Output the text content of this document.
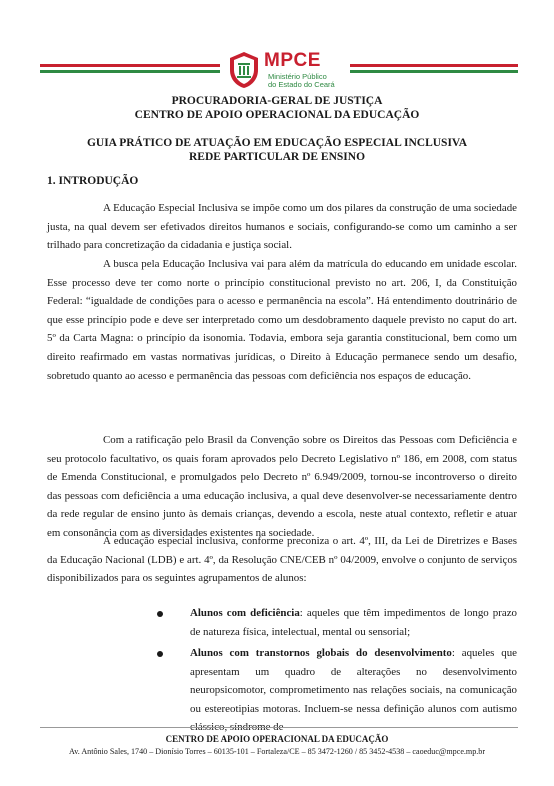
MPCE
Ministério Público
do Estado do Ceará
PROCURADORIA-GERAL DE JUSTIÇA
CENTRO DE APOIO OPERACIONAL DA EDUCAÇÃO
GUIA PRÁTICO DE ATUAÇÃO EM EDUCAÇÃO ESPECIAL INCLUSIVA
REDE PARTICULAR DE ENSINO
1. INTRODUÇÃO

A Educação Especial Inclusiva se impõe como um dos pilares da construção de uma sociedade justa, na qual devem ser efetivados direitos humanos e sociais, configurando-se como um caminho a ser trilhado para concretização da cidadania e justiça social.

A busca pela Educação Inclusiva vai para além da matrícula do educando em unidade escolar. Esse processo deve ter como norte o princípio constitucional previsto no art. 206, I, da Constituição Federal: “igualdade de condições para o acesso e permanência na escola”. Há entendimento doutrinário de que esse princípio pode e deve ser interpretado como um desdobramento daquele previsto no caput do art. 5º da Carta Magna: o princípio da isonomia. Todavia, embora seja garantia constitucional, bem como um direito reafirmado em vastas normativas jurídicas, o Direito à Educação permanece sendo um desafio, sobretudo quanto ao acesso e permanência das pessoas com deficiência nos espaços de educação.

Com a ratificação pelo Brasil da Convenção sobre os Direitos das Pessoas com Deficiência e seu protocolo facultativo, os quais foram aprovados pelo Decreto Legislativo nº 186, em 2008, com status de Emenda Constitucional, e promulgados pelo Decreto nº 6.949/2009, tornou-se incontroverso o direito das pessoas com deficiência a uma educação inclusiva, a qual deve desenvolver-se necessariamente dentro da rede regular de ensino junto às demais crianças, devendo a escola, neste atual contexto, refletir e atuar em consonância com as diversidades existentes na sociedade.

A educação especial inclusiva, conforme preconiza o art. 4º, III, da Lei de Diretrizes e Bases da Educação Nacional (LDB) e art. 4º, da Resolução CNE/CEB nº 04/2009, envolve o conjunto de serviços disponibilizados para os seguintes agrupamentos de alunos:

Alunos com deficiência: aqueles que têm impedimentos de longo prazo de natureza física, intelectual, mental ou sensorial;

Alunos com transtornos globais do desenvolvimento: aqueles que apresentam um quadro de alterações no desenvolvimento neuropsicomotor, comprometimento nas relações sociais, na comunicação ou estereotipias motoras. Incluem-se nessa definição alunos com autismo clássico, síndrome de

CENTRO DE APOIO OPERACIONAL DA EDUCAÇÃO
Av. Antônio Sales, 1740 – Dionísio Torres – 60135-101 – Fortaleza/CE – 85 3472-1260 / 85 3452-4538 – caoeduc@mpce.mp.br
